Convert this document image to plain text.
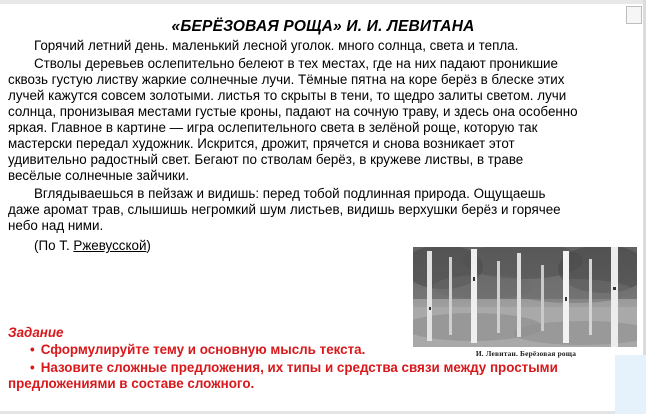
«БЕРЁЗОВАЯ РОЩА» И. И. ЛЕВИТАНА

Горячий летний день. маленький лесной уголок. много солнца, света и тепла.

Стволы деревьев ослепительно белеют в тех местах, где на них падают проникшие сквозь густую листву жаркие солнечные лучи. Тёмные пятна на коре берёз в блеске этих лучей кажутся совсем золотыми. листья то скрыты в тени, то щедро залиты светом. лучи солнца, пронизывая местами густые кроны, падают на сочную траву, и здесь она особенно яркая. Главное в картине — игра ослепительного света в зелёной роще, которую так мастерски передал художник. Искрится, дрожит, прячется и снова возникает этот удивительно радостный свет. Бегают по стволам берёз, в кружеве листвы, в траве весёлые солнечные зайчики.

Вглядываешься в пейзаж и видишь: перед тобой подлинная природа. Ощущаешь даже аромат трав, слышишь негромкий шум листьев, видишь верхушки берёз и горячее небо над ними.

(По Т. Ржевусской)

И. Левитан. Берёзовая роща
Задание
• Сформулируйте тему и основную мысль текста.
• Назовите сложные предложения, их типы и средства связи между простыми предложениями в составе сложного.
